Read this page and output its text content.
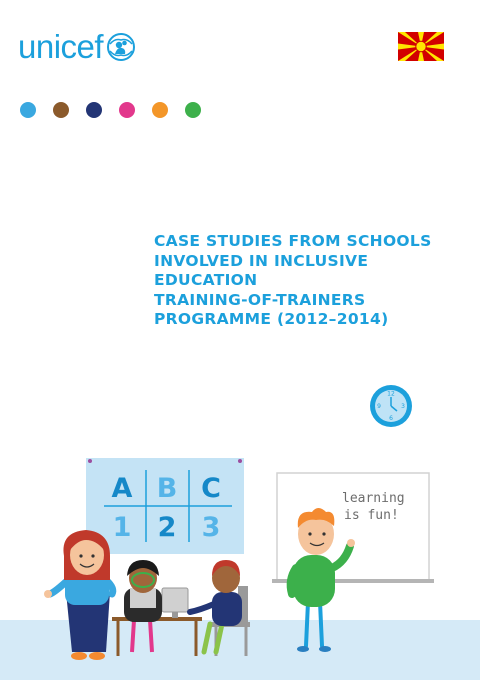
unicef
CASE STUDIES FROM SCHOOLS
INVOLVED IN INCLUSIVE
EDUCATION
TRAINING-OF-TRAINERS
PROGRAMME (2012–2014)
12
3
6
9
A B C
1 2 3
learning
is fun!
